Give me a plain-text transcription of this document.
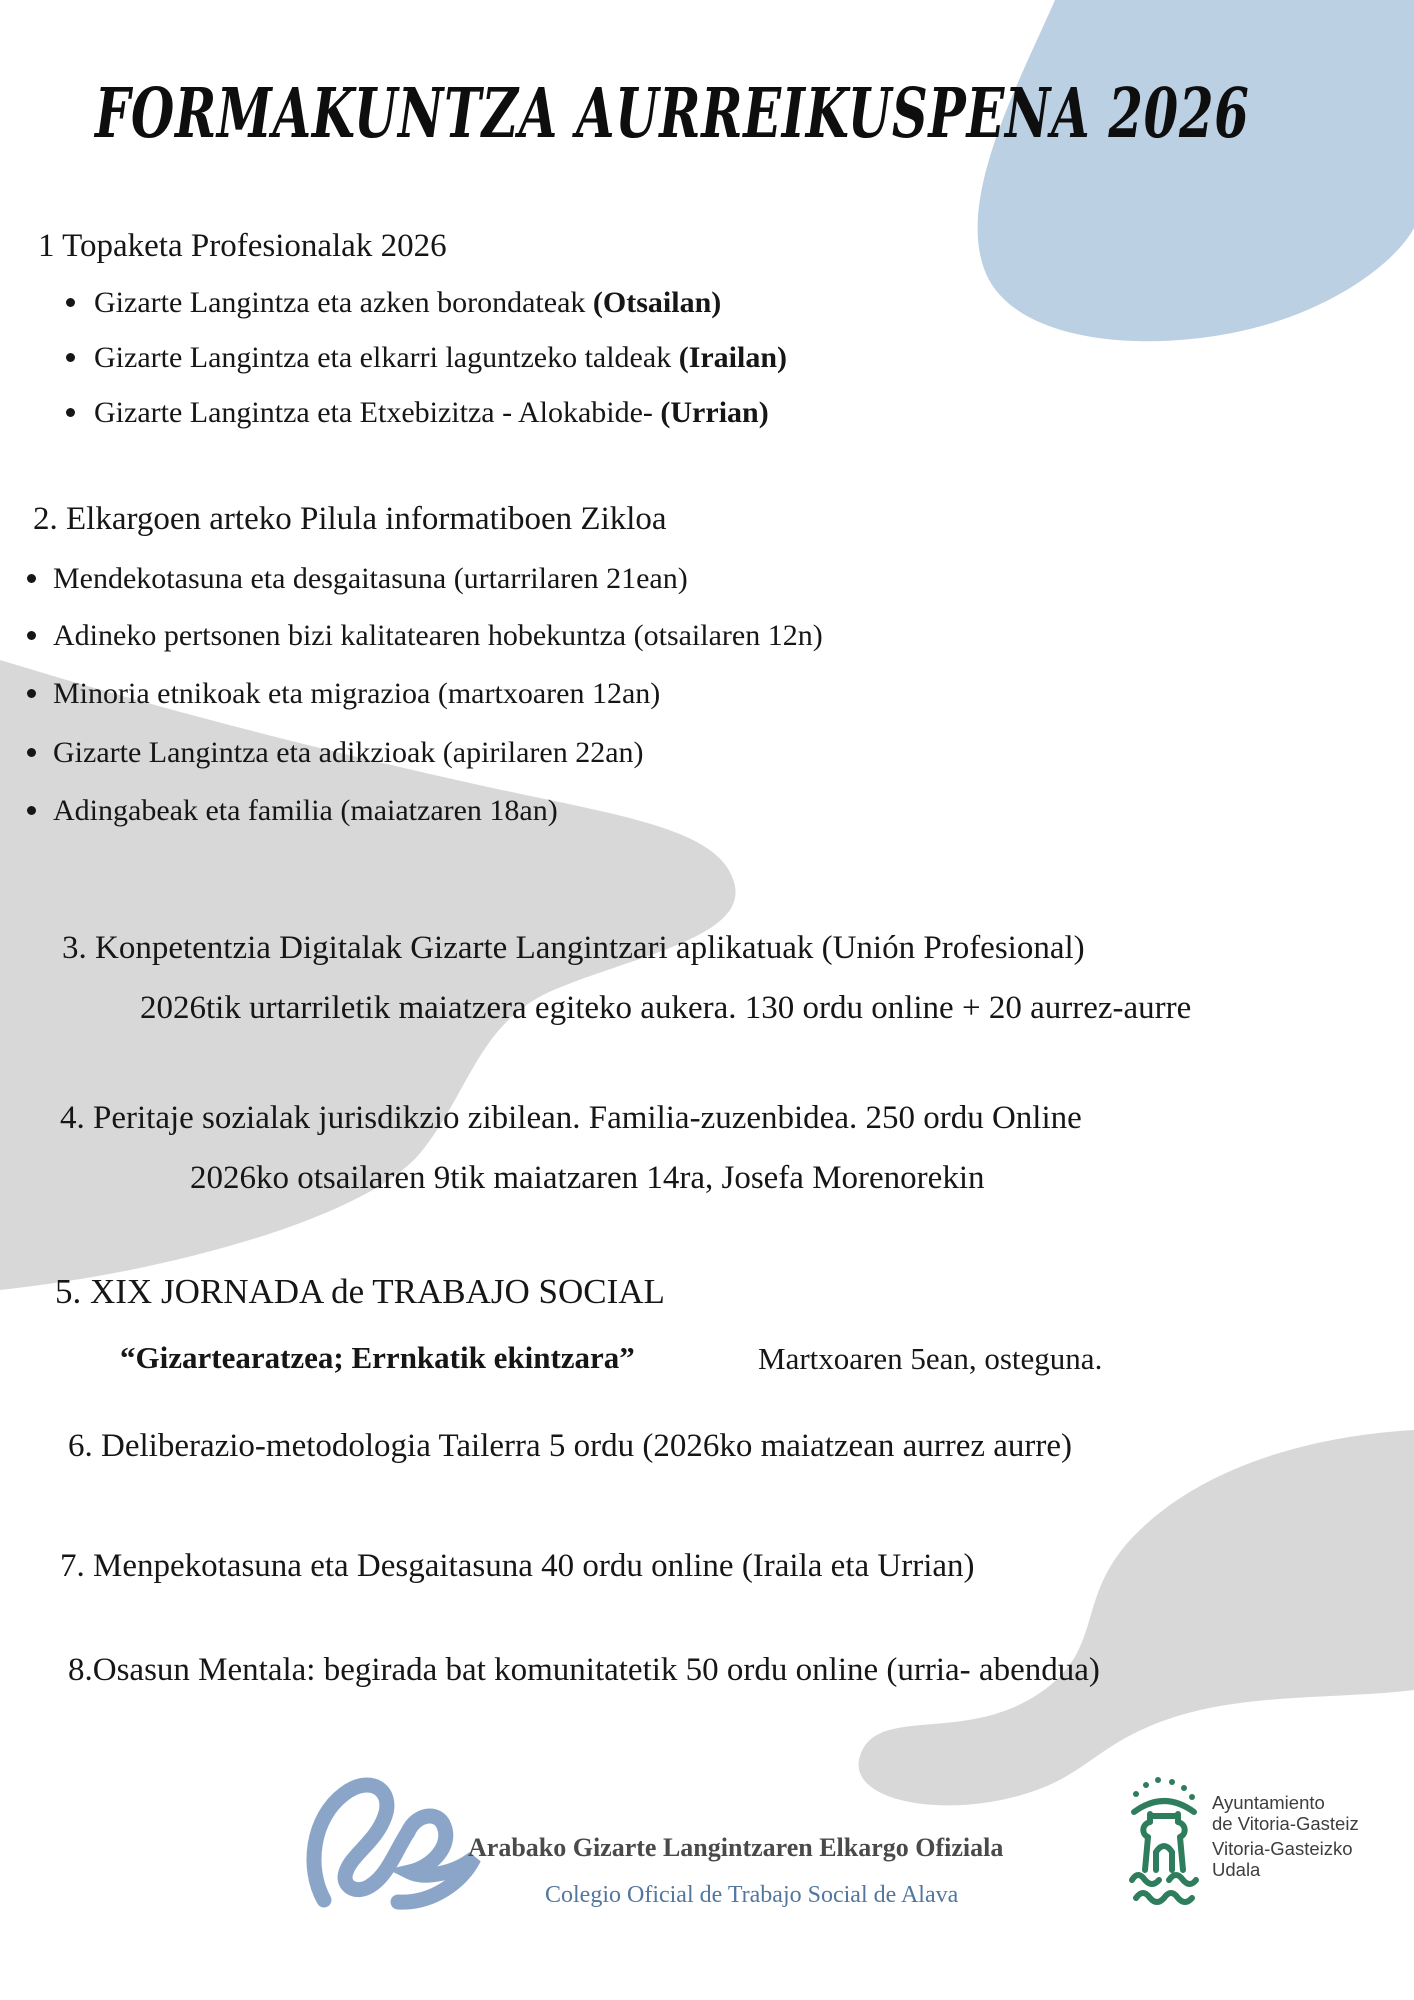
FORMAKUNTZA AURREIKUSPENA 2026
1 Topaketa Profesionalak 2026
Gizarte Langintza eta azken borondateak (Otsailan)
Gizarte Langintza eta elkarri laguntzeko taldeak (Irailan)
Gizarte Langintza eta Etxebizitza - Alokabide- (Urrian)
2. Elkargoen arteko Pilula informatiboen Zikloa
Mendekotasuna eta desgaitasuna (urtarrilaren 21ean)
Adineko pertsonen bizi kalitatearen hobekuntza (otsailaren 12n)
Minoria etnikoak eta migrazioa (martxoaren 12an)
Gizarte Langintza eta adikzioak (apirilaren 22an)
Adingabeak eta familia (maiatzaren 18an)
3. Konpetentzia Digitalak Gizarte Langintzari aplikatuak (Unión Profesional)
2026tik urtarriletik maiatzera egiteko aukera. 130 ordu online + 20 aurrez-aurre
4. Peritaje sozialak jurisdikzio zibilean. Familia-zuzenbidea. 250 ordu Online
2026ko otsailaren 9tik maiatzaren 14ra, Josefa Morenorekin
5. XIX JORNADA de TRABAJO SOCIAL
“Gizartearatzea; Errnkatik ekintzara”	Martxoaren 5ean, osteguna.
6. Deliberazio-metodologia Tailerra 5 ordu (2026ko maiatzean aurrez aurre)
7. Menpekotasuna eta Desgaitasuna 40 ordu online (Iraila eta Urrian)
8.Osasun Mentala: begirada bat komunitatetik 50 ordu online (urria- abendua)
Arabako Gizarte Langintzaren Elkargo Ofiziala
Colegio Oficial de Trabajo Social de Alava
Ayuntamiento
de Vitoria-Gasteiz
Vitoria-Gasteizko
Udala
